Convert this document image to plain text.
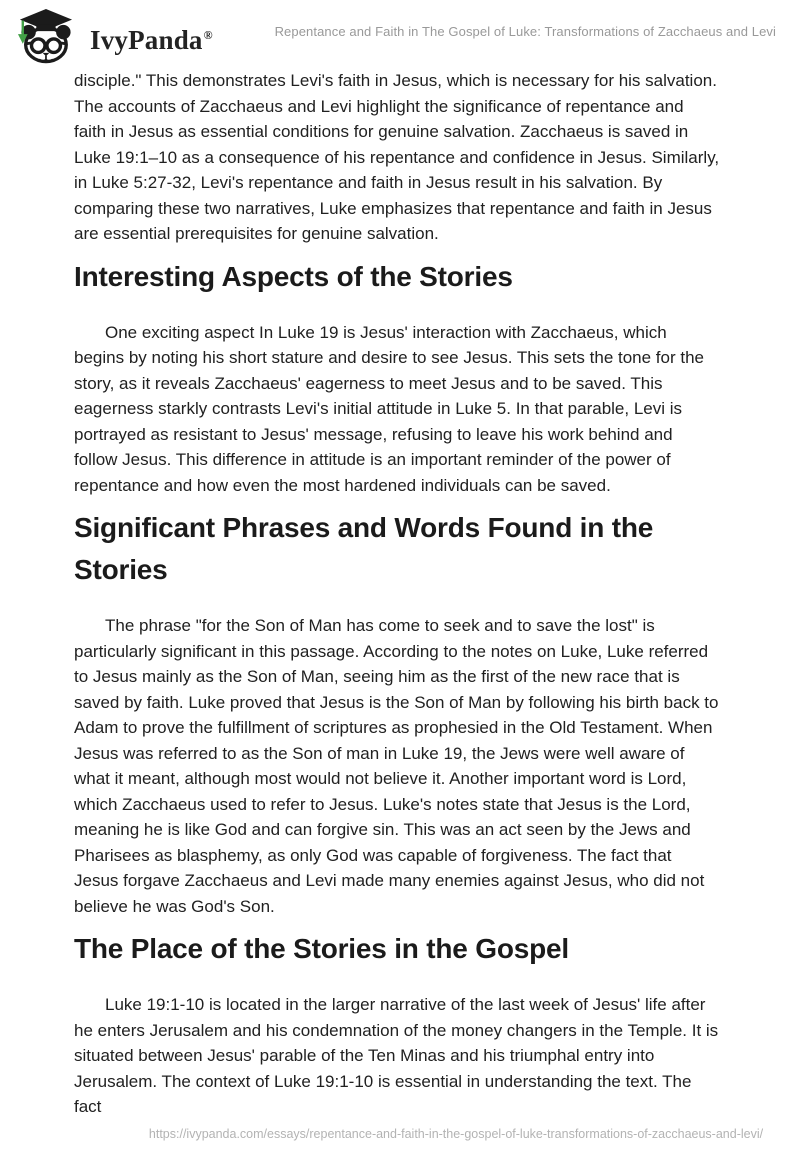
IvyPanda®	Repentance and Faith in The Gospel of Luke: Transformations of Zacchaeus and Levi

disciple." This demonstrates Levi's faith in Jesus, which is necessary for his salvation. The accounts of Zacchaeus and Levi highlight the significance of repentance and faith in Jesus as essential conditions for genuine salvation. Zacchaeus is saved in Luke 19:1–10 as a consequence of his repentance and confidence in Jesus. Similarly, in Luke 5:27-32, Levi's repentance and faith in Jesus result in his salvation. By comparing these two narratives, Luke emphasizes that repentance and faith in Jesus are essential prerequisites for genuine salvation.

Interesting Aspects of the Stories

One exciting aspect In Luke 19 is Jesus' interaction with Zacchaeus, which begins by noting his short stature and desire to see Jesus. This sets the tone for the story, as it reveals Zacchaeus' eagerness to meet Jesus and to be saved. This eagerness starkly contrasts Levi's initial attitude in Luke 5. In that parable, Levi is portrayed as resistant to Jesus' message, refusing to leave his work behind and follow Jesus. This difference in attitude is an important reminder of the power of repentance and how even the most hardened individuals can be saved.

Significant Phrases and Words Found in the Stories

The phrase "for the Son of Man has come to seek and to save the lost" is particularly significant in this passage. According to the notes on Luke, Luke referred to Jesus mainly as the Son of Man, seeing him as the first of the new race that is saved by faith. Luke proved that Jesus is the Son of Man by following his birth back to Adam to prove the fulfillment of scriptures as prophesied in the Old Testament. When Jesus was referred to as the Son of man in Luke 19, the Jews were well aware of what it meant, although most would not believe it. Another important word is Lord, which Zacchaeus used to refer to Jesus. Luke's notes state that Jesus is the Lord, meaning he is like God and can forgive sin. This was an act seen by the Jews and Pharisees as blasphemy, as only God was capable of forgiveness. The fact that Jesus forgave Zacchaeus and Levi made many enemies against Jesus, who did not believe he was God's Son.

The Place of the Stories in the Gospel

Luke 19:1-10 is located in the larger narrative of the last week of Jesus' life after he enters Jerusalem and his condemnation of the money changers in the Temple. It is situated between Jesus' parable of the Ten Minas and his triumphal entry into Jerusalem. The context of Luke 19:1-10 is essential in understanding the text. The fact

https://ivypanda.com/essays/repentance-and-faith-in-the-gospel-of-luke-transformations-of-zacchaeus-and-levi/
